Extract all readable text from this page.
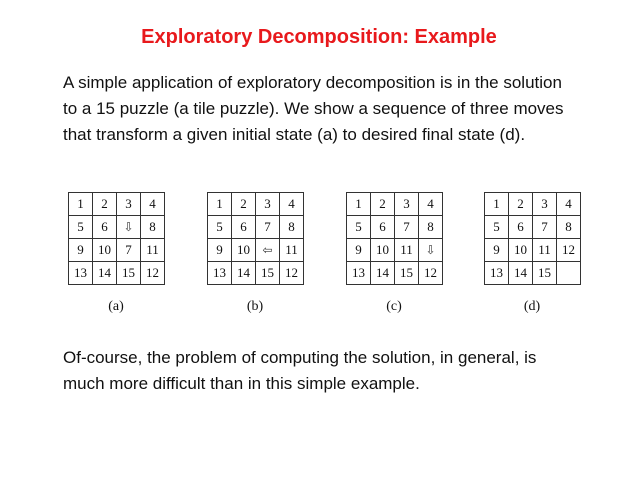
Exploratory Decomposition: Example

A simple application of exploratory decomposition is in the solution
to a 15 puzzle (a tile puzzle). We show a sequence of three moves
that transform a given initial state (a) to desired final state (d).

1	2	3	4
5	6	⇩	8
9	10	7	11
13 14 15 12
(a)
1	2	3	4
5	6	7	8
9	10	⇦ 11
13 14 15 12
(b)
1	2	3	4
5	6	7	8
9	10 11	⇩
13 14 15 12
(c)
1	2	3	4
5	6	7	8
9	10 11 12
13 14 15
(d)

Of-course, the problem of computing the solution, in general, is
much more difficult than in this simple example.
